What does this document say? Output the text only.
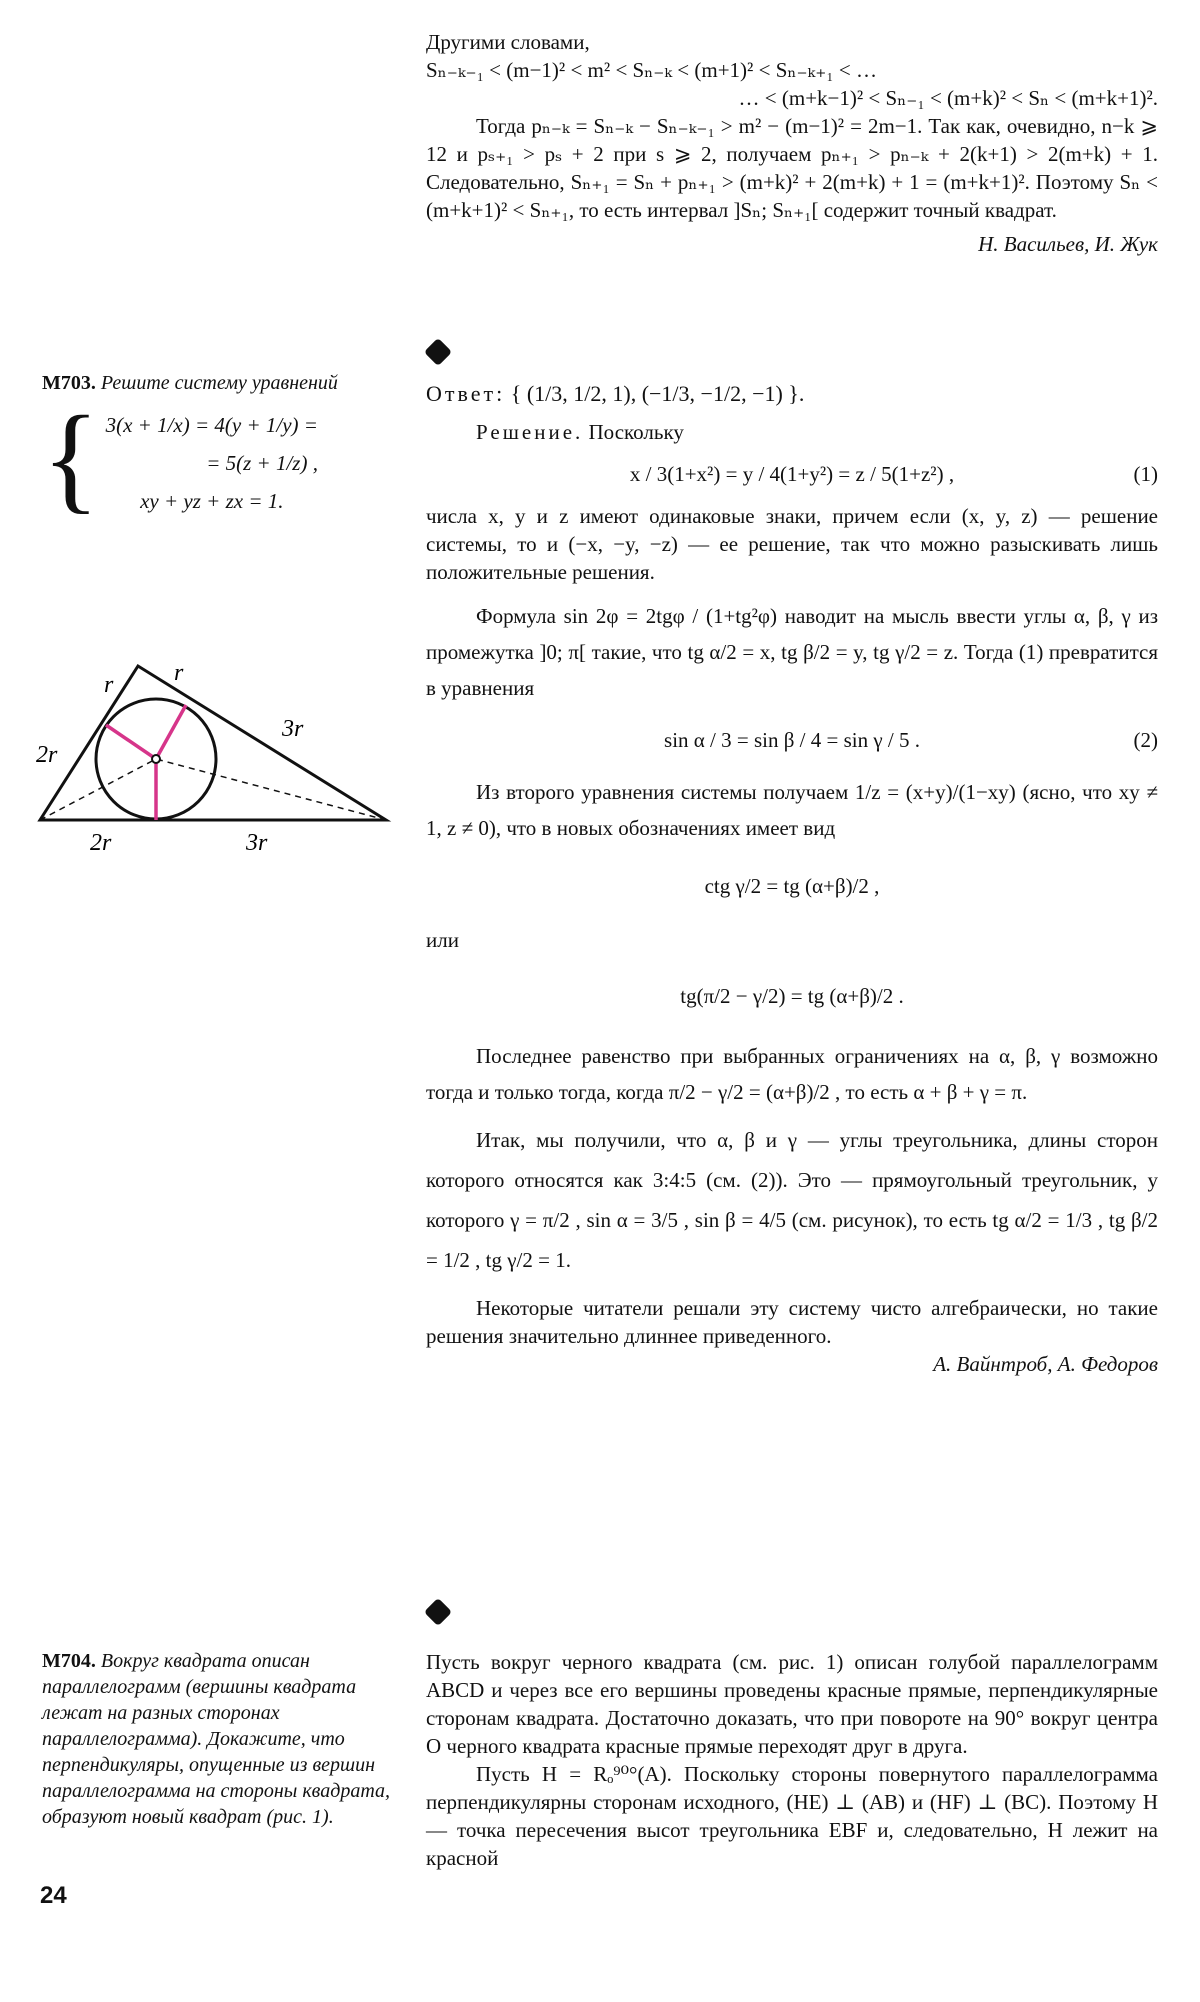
Другими словами,

Sₙ₋ₖ₋₁ < (m−1)² < m² < Sₙ₋ₖ < (m+1)² < Sₙ₋ₖ₊₁ < …

… < (m+k−1)² < Sₙ₋₁ < (m+k)² < Sₙ < (m+k+1)².

Тогда pₙ₋ₖ = Sₙ₋ₖ − Sₙ₋ₖ₋₁ > m² − (m−1)² = 2m−1. Так как, очевидно, n−k ⩾ 12 и pₛ₊₁ > pₛ + 2 при s ⩾ 2, получаем pₙ₊₁ > pₙ₋ₖ + 2(k+1) > 2(m+k) + 1. Следовательно, Sₙ₊₁ = Sₙ + pₙ₊₁ > (m+k)² + 2(m+k) + 1 = (m+k+1)². Поэтому Sₙ < (m+k+1)² < Sₙ₊₁, то есть интервал ]Sₙ; Sₙ₊₁[ содержит точный квадрат.

Н. Васильев, И. Жук

М703. Решите систему уравнений

{ 3(x + 1/x) = 4(y + 1/y) =

= 5(z + 1/z) ,

xy + yz + zx = 1.

r	r
2r
3r
2r	3r

Ответ: { (1/3, 1/2, 1), (−1/3, −1/2, −1) }.

Решение. Поскольку

x / 3(1+x²) = y / 4(1+y²) = z / 5(1+z²) ,	(1)

числа x, y и z имеют одинаковые знаки, причем если (x, y, z) — решение системы, то и (−x, −y, −z) — ее решение, так что можно разыскивать лишь положительные решения.

Формула sin 2φ = 2tgφ / (1+tg²φ) наводит на мысль ввести углы α, β, γ из промежутка ]0; π[ такие, что tg α/2 = x, tg β/2 = y, tg γ/2 = z. Тогда (1) превратится в уравнения

sin α / 3 = sin β / 4 = sin γ / 5 .	(2)

Из второго уравнения системы получаем 1/z = (x+y)/(1−xy) (ясно, что xy ≠ 1, z ≠ 0), что в новых обозначениях имеет вид

ctg γ/2 = tg (α+β)/2 ,

или

tg(π/2 − γ/2) = tg (α+β)/2 .

Последнее равенство при выбранных ограничениях на α, β, γ возможно тогда и только тогда, когда π/2 − γ/2 = (α+β)/2 , то есть α + β + γ = π.

Итак, мы получили, что α, β и γ — углы треугольника, длины сторон которого относятся как 3:4:5 (см. (2)). Это — прямоугольный треугольник, у которого γ = π/2 , sin α = 3/5 , sin β = 4/5 (см. рисунок), то есть tg α/2 = 1/3 , tg β/2 = 1/2 , tg γ/2 = 1.

Некоторые читатели решали эту систему чисто алгебраически, но такие решения значительно длиннее приведенного.

А. Вайнтроб, А. Федоров

М704. Вокруг квадрата описан параллелограмм (вершины квадрата лежат на разных сторонах параллелограмма). Докажите, что перпендикуляры, опущенные из вершин параллелограмма на стороны квадрата, образуют новый квадрат (рис. 1).

Пусть вокруг черного квадрата (см. рис. 1) описан голубой параллелограмм ABCD и через все его вершины проведены красные прямые, перпендикулярные сторонам квадрата. Достаточно доказать, что при повороте на 90° вокруг центра O черного квадрата красные прямые переходят друг в друга.

Пусть H = Rₒ⁹⁰°(A). Поскольку стороны повернутого параллелограмма перпендикулярны сторонам исходного, (HE) ⊥ (AB) и (HF) ⊥ (BC). Поэтому H — точка пересечения высот треугольника EBF и, следовательно, H лежит на красной

24
